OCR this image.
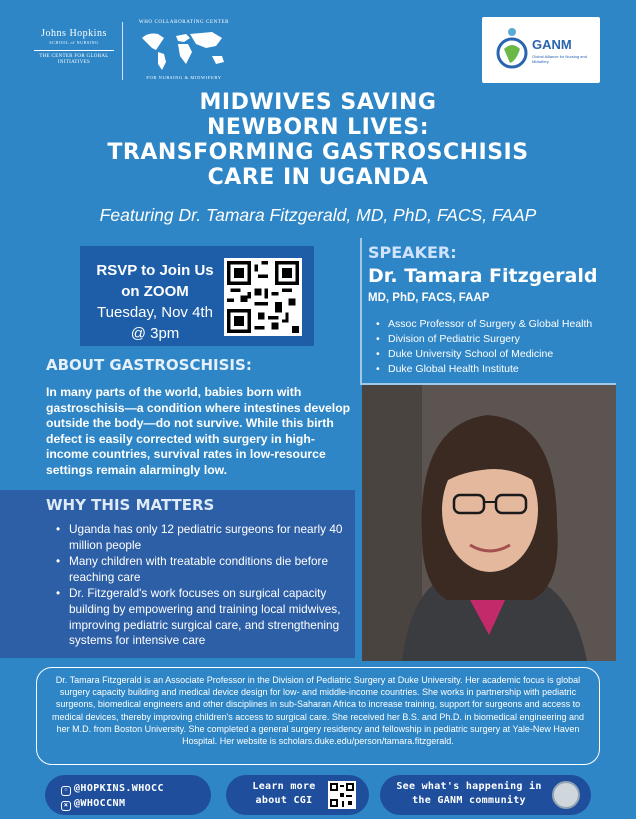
Johns Hopkins
SCHOOL of NURSING
THE CENTER FOR GLOBAL INITIATIVES
WHO COLLABORATING CENTER
FOR NURSING & MIDWIFERY
GANM
Global Alliance for Nursing and Midwifery
MIDWIVES SAVING
NEWBORN LIVES:
TRANSFORMING GASTROSCHISIS
CARE IN UGANDA
Featuring Dr. Tamara Fitzgerald, MD, PhD, FACS, FAAP
RSVP to Join Us
on ZOOM
Tuesday, Nov 4th
@ 3pm
ABOUT GASTROSCHISIS:
In many parts of the world, babies born with gastroschisis—a condition where intestines develop outside the body—do not survive. While this birth defect is easily corrected with surgery in high-income countries, survival rates in low-resource settings remain alarmingly low.
WHY THIS MATTERS
• Uganda has only 12 pediatric surgeons for nearly 40 million people
• Many children with treatable conditions die before reaching care
• Dr. Fitzgerald's work focuses on surgical capacity building by empowering and training local midwives, improving pediatric surgical care, and strengthening systems for intensive care
SPEAKER:
Dr. Tamara Fitzgerald
MD, PhD, FACS, FAAP
• Assoc Professor of Surgery & Global Health
• Division of Pediatric Surgery
• Duke University School of Medicine
• Duke Global Health Institute
Dr. Tamara Fitzgerald is an Associate Professor in the Division of Pediatric Surgery at Duke University. Her academic focus is global surgery capacity building and medical device design for low- and middle-income countries. She works in partnership with pediatric surgeons, biomedical engineers and other disciplines in sub-Saharan Africa to increase training, support for surgeons and access to medical devices, thereby improving children's access to surgical care. She received her B.S. and Ph.D. in biomedical engineering and her M.D. from Boston University. She completed a general surgery residency and fellowship in pediatric surgery at Yale-New Haven Hospital. Her website is scholars.duke.edu/person/tamara.fitzgerald.
◦ @HOPKINS.WHOCC
× @WHOCCNM
Learn more
about CGI
See what's happening in
the GANM community
